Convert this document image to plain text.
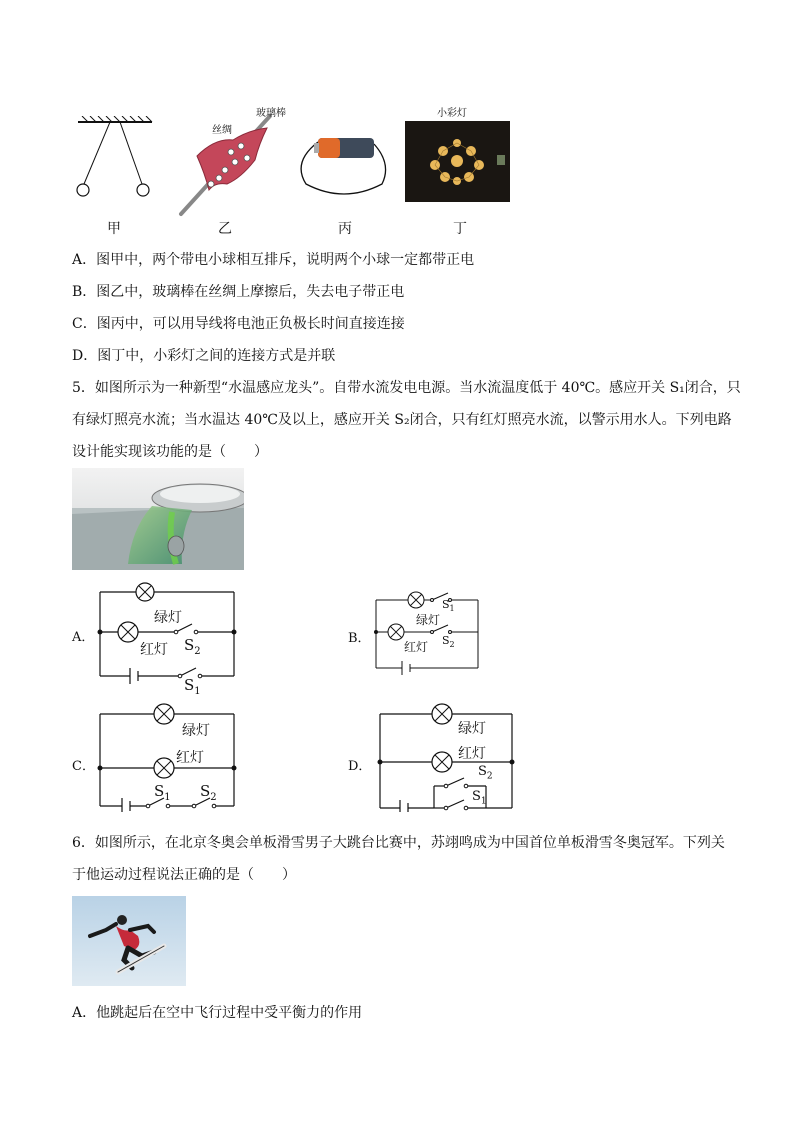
玻璃棒
丝绸
小彩灯
甲	乙	丙	丁
A．图甲中，两个带电小球相互排斥，说明两个小球一定都带正电
B．图乙中，玻璃棒在丝绸上摩擦后，失去电子带正电
C．图丙中，可以用导线将电池正负极长时间直接连接
D．图丁中，小彩灯之间的连接方式是并联
5．如图所示为一种新型“水温感应龙头”。自带水流发电电源。当水流温度低于 40℃。感应开关 S₁闭合，只
有绿灯照亮水流；当水温达 40℃及以上，感应开关 S₂闭合，只有红灯照亮水流，以警示用水人。下列电路
设计能实现该功能的是（　　）
A．	B．
C．	D．
绿灯
红灯 $S_2$
$S_1$
绿灯
红灯
$S_1$
$S_2$
绿灯
红灯
$S_1$ $S_2$
绿灯
红灯
$S_2$
$S_1$
6．如图所示，在北京冬奥会单板滑雪男子大跳台比赛中，苏翊鸣成为中国首位单板滑雪冬奥冠军。下列关
于他运动过程说法正确的是（　　）
A．他跳起后在空中飞行过程中受平衡力的作用
